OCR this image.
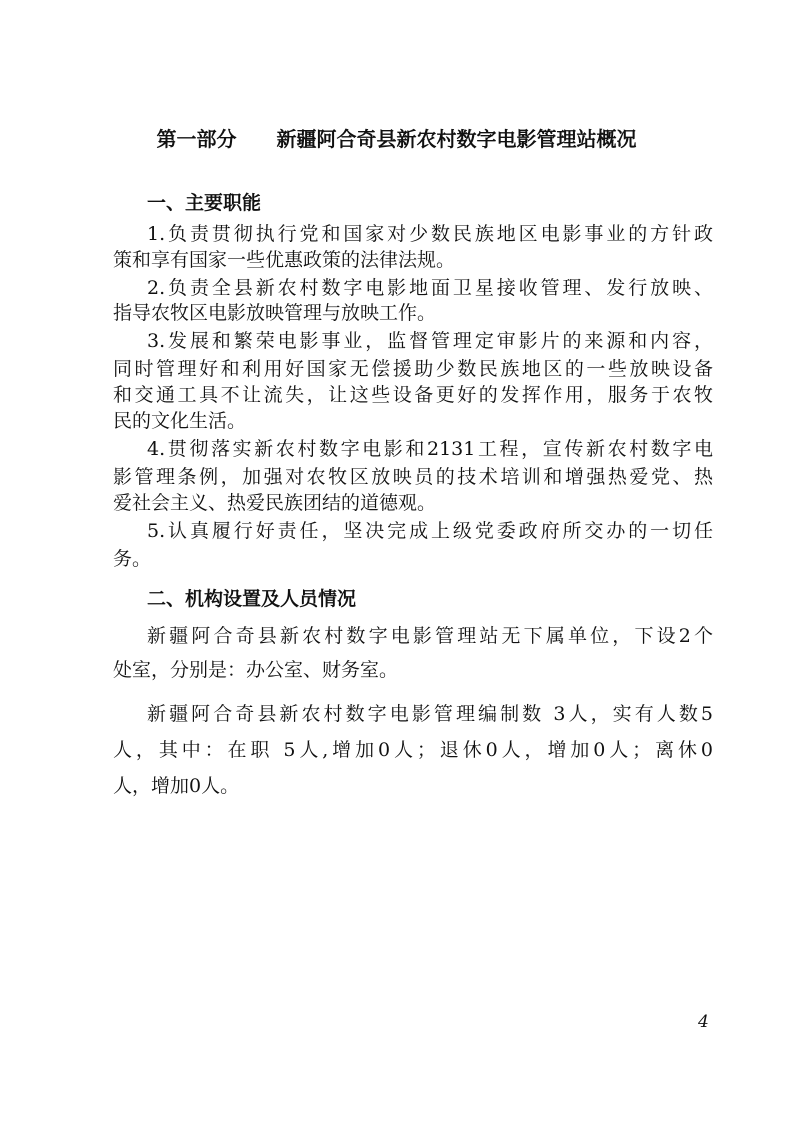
第一部分　　新疆阿合奇县新农村数字电影管理站概况

一、主要职能

1.负责贯彻执行党和国家对少数民族地区电影事业的方针政

策和享有国家一些优惠政策的法律法规。

2.负责全县新农村数字电影地面卫星接收管理、发行放映、

指导农牧区电影放映管理与放映工作。

3.发展和繁荣电影事业，监督管理定审影片的来源和内容，

同时管理好和利用好国家无偿援助少数民族地区的一些放映设备

和交通工具不让流失，让这些设备更好的发挥作用，服务于农牧

民的文化生活。

4.贯彻落实新农村数字电影和2131工程，宣传新农村数字电

影管理条例，加强对农牧区放映员的技术培训和增强热爱党、热

爱社会主义、热爱民族团结的道德观。

5.认真履行好责任，坚决完成上级党委政府所交办的一切任

务。

二、机构设置及人员情况

新疆阿合奇县新农村数字电影管理站无下属单位，下设2个

处室，分别是：办公室、财务室。

新疆阿合奇县新农村数字电影管理编制数 3人，实有人数5

人，其中：在职 5人,增加0人；退休0人，增加0人；离休0

人，增加0人。

4
